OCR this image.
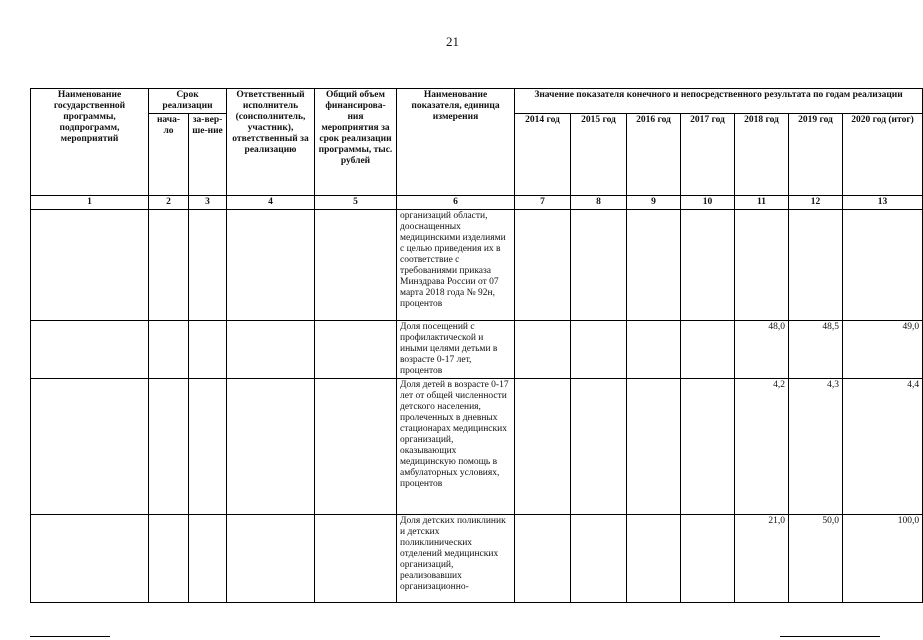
21
Наименование государственной программы, подпрограмм, мероприятий	Срок реализации		Ответственный исполнитель (соисполнитель, участник), ответственный за реализацию	Общий объем финансирова-ния мероприятия за срок реализации программы, тыс. рублей	Наименование показателя, единица измерения	Значение показателя конечного и непосредственного результата по годам реализации						
	нача-ло	за-вер-ше-ние				2014 год	2015 год	2016 год	2017 год	2018 год	2019 год	2020 год (итог)
1	2	3	4	5	6	7	8	9	10	11	12	13
					организаций области, дооснащенных медицинскими изделиями с целью приведения их в соответствие с требованиями приказа Минздрава России от 07 марта 2018 года № 92н, процентов							
					Доля посещений с профилактической и иными целями детьми в возрасте 0-17 лет, процентов					48,0	48,5	49,0
					Доля детей в возрасте 0-17 лет от общей численности детского населения, пролеченных в дневных стационарах медицинских организаций, оказывающих медицинскую помощь в амбулаторных условиях, процентов					4,2	4,3	4,4
					Доля детских поликлиник и детских поликлинических отделений медицинских организаций, реализовавших организационно-					21,0	50,0	100,0
